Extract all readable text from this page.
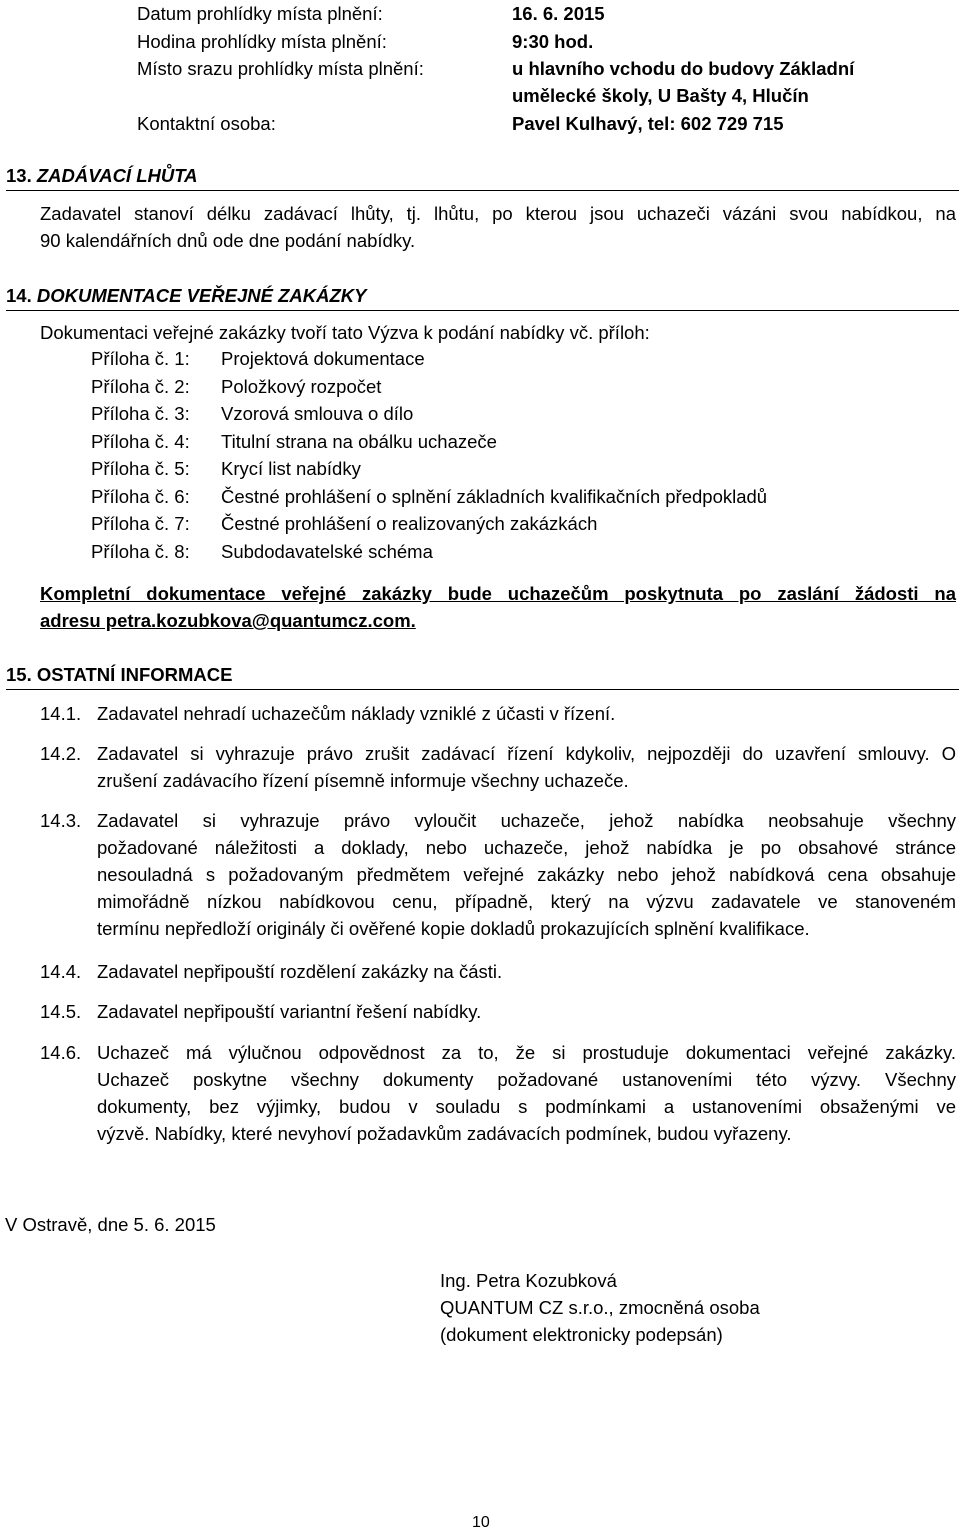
Datum prohlídky místa plnění:	16. 6. 2015
Hodina prohlídky místa plnění:	9:30 hod.
Místo srazu prohlídky místa plnění:	u hlavního vchodu do budovy Základní
umělecké školy, U Bašty 4, Hlučín
Kontaktní osoba:	Pavel Kulhavý, tel: 602 729 715
13. ZADÁVACÍ LHŮTA
Zadavatel stanoví délku zadávací lhůty, tj. lhůtu, po kterou jsou uchazeči vázáni svou nabídkou, na
90 kalendářních dnů ode dne podání nabídky.
14. DOKUMENTACE VEŘEJNÉ ZAKÁZKY
Dokumentaci veřejné zakázky tvoří tato Výzva k podání nabídky vč. příloh:
Příloha č. 1: Projektová dokumentace
Příloha č. 2: Položkový rozpočet
Příloha č. 3: Vzorová smlouva o dílo
Příloha č. 4: Titulní strana na obálku uchazeče
Příloha č. 5: Krycí list nabídky
Příloha č. 6: Čestné prohlášení o splnění základních kvalifikačních předpokladů
Příloha č. 7: Čestné prohlášení o realizovaných zakázkách
Příloha č. 8: Subdodavatelské schéma
Kompletní dokumentace veřejné zakázky bude uchazečům poskytnuta po zaslání žádosti na
adresu petra.kozubkova@quantumcz.com.
15. OSTATNÍ INFORMACE
14.1. Zadavatel nehradí uchazečům náklady vzniklé z účasti v řízení.
14.2. Zadavatel si vyhrazuje právo zrušit zadávací řízení kdykoliv, nejpozději do uzavření smlouvy. O
zrušení zadávacího řízení písemně informuje všechny uchazeče.
14.3. Zadavatel si vyhrazuje právo vyloučit uchazeče, jehož nabídka neobsahuje všechny
požadované náležitosti a doklady, nebo uchazeče, jehož nabídka je po obsahové stránce
nesouladná s požadovaným předmětem veřejné zakázky nebo jehož nabídková cena obsahuje
mimořádně nízkou nabídkovou cenu, případně, který na výzvu zadavatele ve stanoveném
termínu nepředloží originály či ověřené kopie dokladů prokazujících splnění kvalifikace.
14.4. Zadavatel nepřipouští rozdělení zakázky na části.
14.5. Zadavatel nepřipouští variantní řešení nabídky.
14.6. Uchazeč má výlučnou odpovědnost za to, že si prostuduje dokumentaci veřejné zakázky.
Uchazeč poskytne všechny dokumenty požadované ustanoveními této výzvy. Všechny
dokumenty, bez výjimky, budou v souladu s podmínkami a ustanoveními obsaženými ve
výzvě. Nabídky, které nevyhoví požadavkům zadávacích podmínek, budou vyřazeny.
V Ostravě, dne 5. 6. 2015
Ing. Petra Kozubková
QUANTUM CZ s.r.o., zmocněná osoba
(dokument elektronicky podepsán)
10
